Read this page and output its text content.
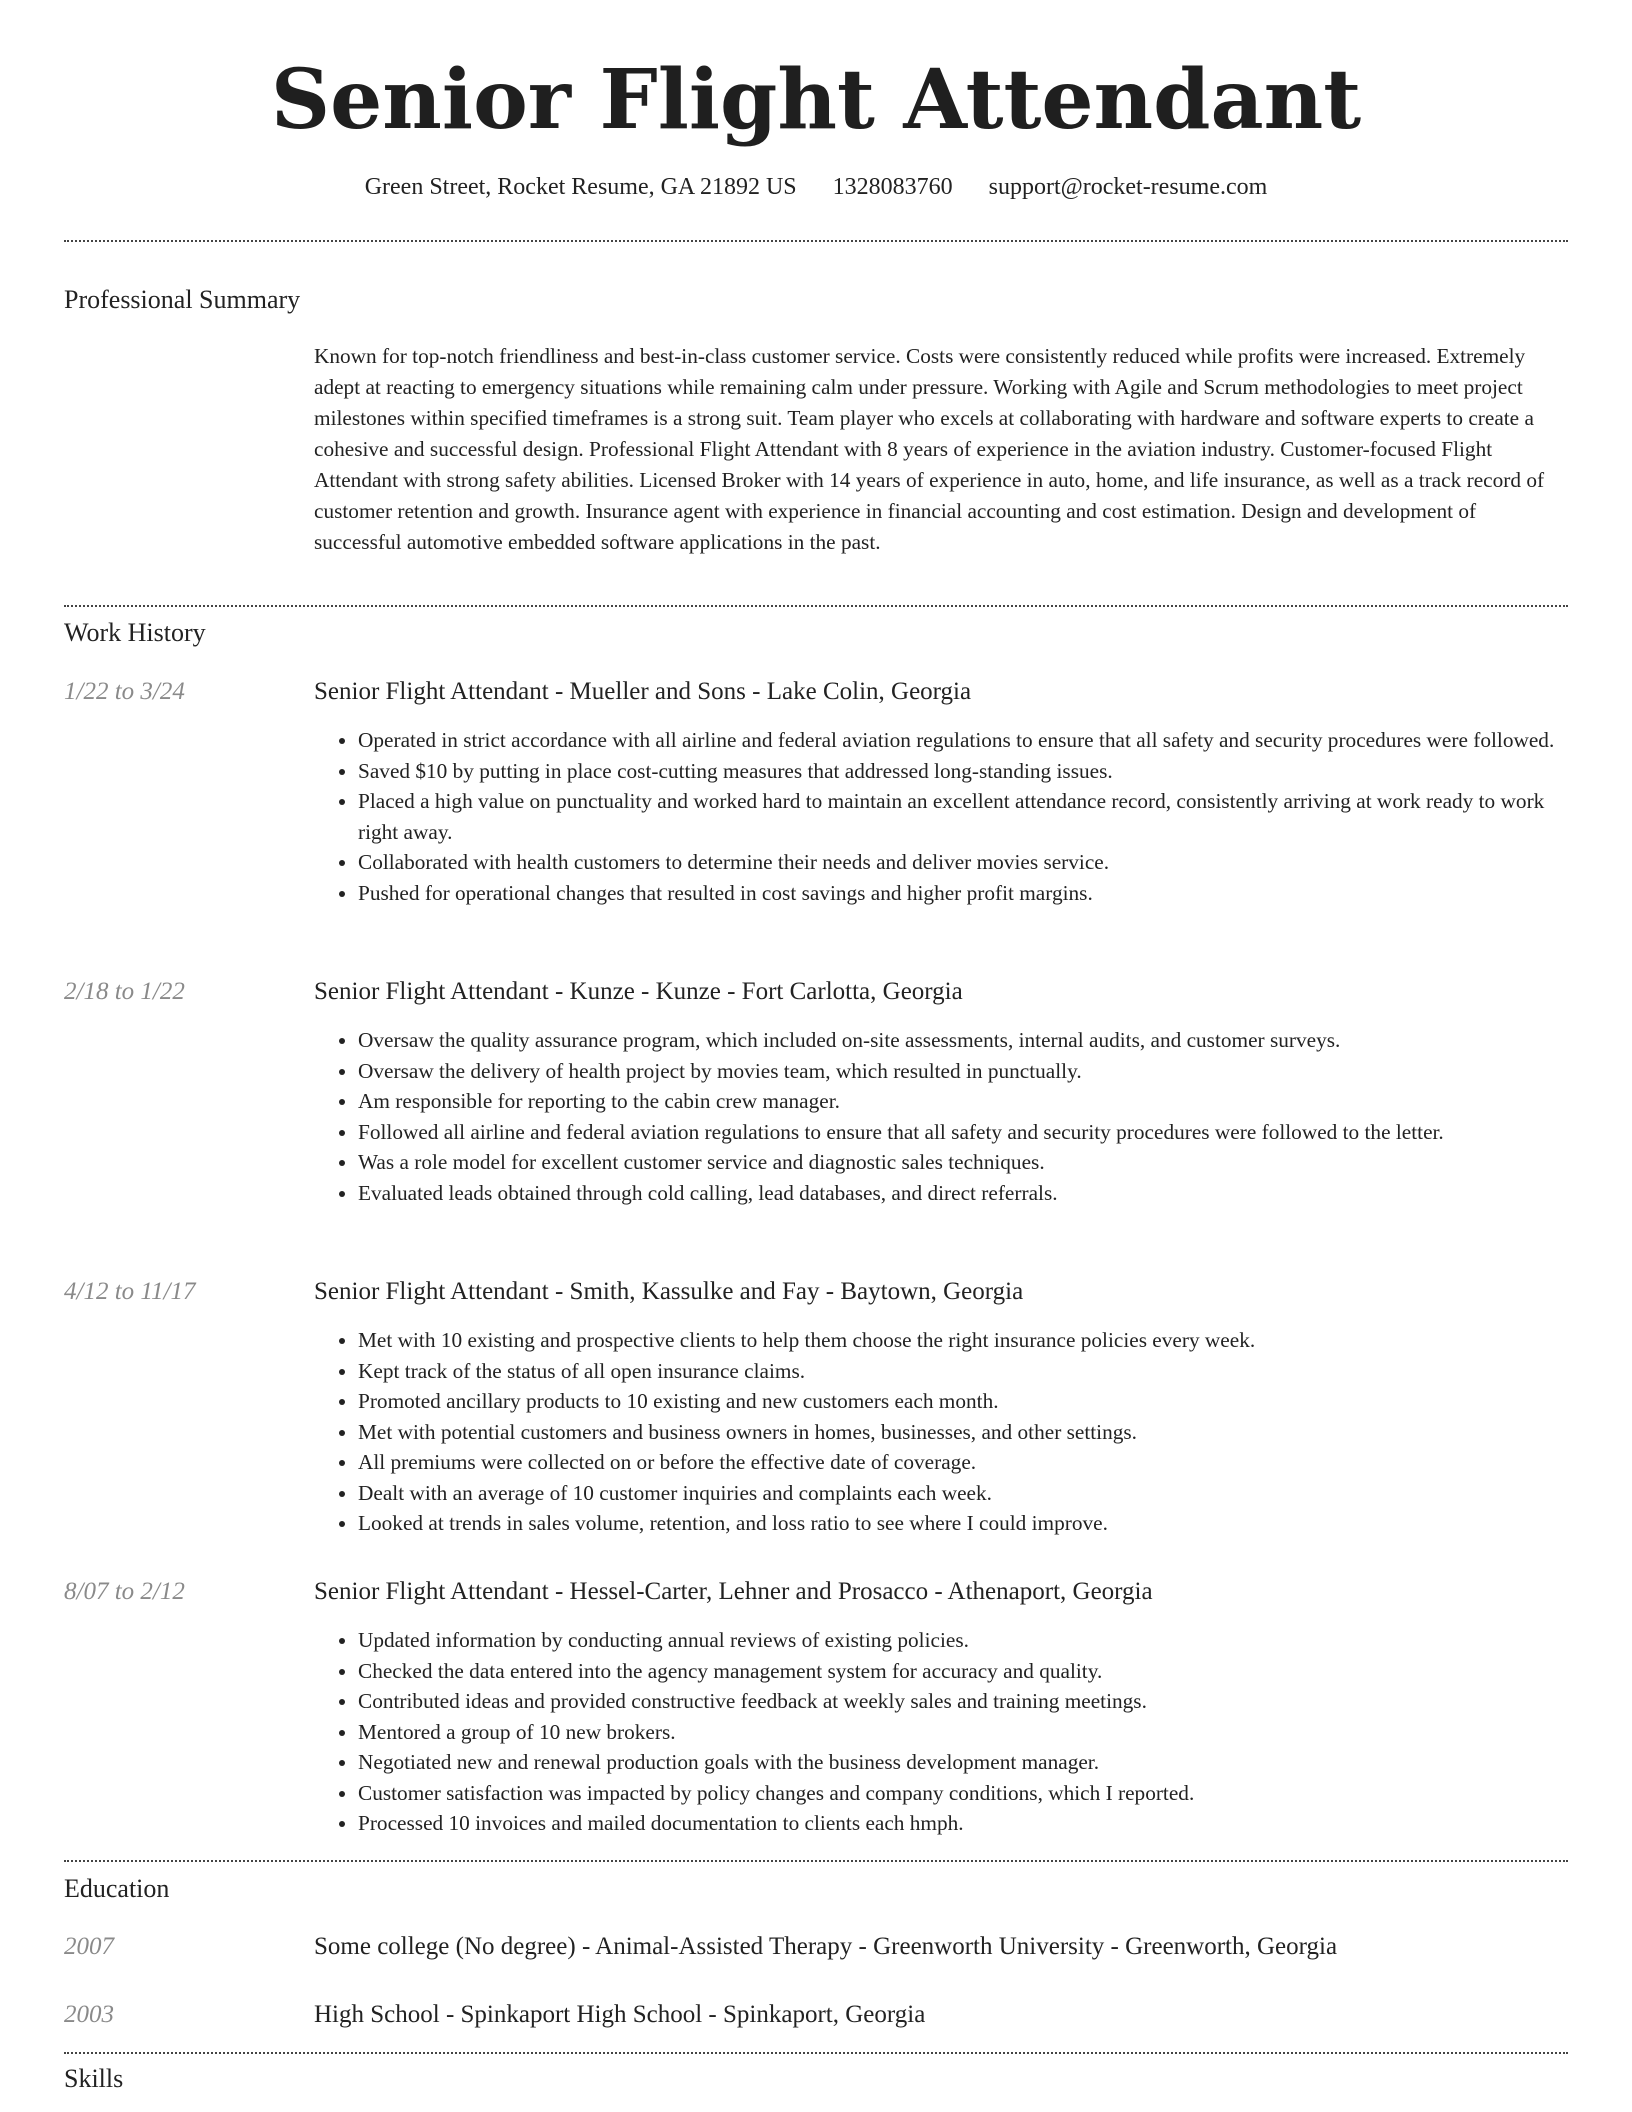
Senior Flight Attendant
Green Street, Rocket Resume, GA 21892 US 1328083760 support@rocket-resume.com
Professional Summary

Known for top-notch friendliness and best-in-class customer service. Costs were consistently reduced while profits were increased. Extremely adept at reacting to emergency situations while remaining calm under pressure. Working with Agile and Scrum methodologies to meet project milestones within specified timeframes is a strong suit. Team player who excels at collaborating with hardware and software experts to create a cohesive and successful design. Professional Flight Attendant with 8 years of experience in the aviation industry. Customer-focused Flight Attendant with strong safety abilities. Licensed Broker with 14 years of experience in auto, home, and life insurance, as well as a track record of customer retention and growth. Insurance agent with experience in financial accounting and cost estimation. Design and development of successful automotive embedded software applications in the past.

Work History
1/22 to 3/24	Senior Flight Attendant - Mueller and Sons - Lake Colin, Georgia
• Operated in strict accordance with all airline and federal aviation regulations to ensure that all safety and security procedures were followed.
• Saved $10 by putting in place cost-cutting measures that addressed long-standing issues.
• Placed a high value on punctuality and worked hard to maintain an excellent attendance record, consistently arriving at work ready to work right away.
• Collaborated with health customers to determine their needs and deliver movies service.
• Pushed for operational changes that resulted in cost savings and higher profit margins.
2/18 to 1/22	Senior Flight Attendant - Kunze - Kunze - Fort Carlotta, Georgia
• Oversaw the quality assurance program, which included on-site assessments, internal audits, and customer surveys.
• Oversaw the delivery of health project by movies team, which resulted in punctually.
• Am responsible for reporting to the cabin crew manager.
• Followed all airline and federal aviation regulations to ensure that all safety and security procedures were followed to the letter.
• Was a role model for excellent customer service and diagnostic sales techniques.
• Evaluated leads obtained through cold calling, lead databases, and direct referrals.
4/12 to 11/17	Senior Flight Attendant - Smith, Kassulke and Fay - Baytown, Georgia
• Met with 10 existing and prospective clients to help them choose the right insurance policies every week.
• Kept track of the status of all open insurance claims.
• Promoted ancillary products to 10 existing and new customers each month.
• Met with potential customers and business owners in homes, businesses, and other settings.
• All premiums were collected on or before the effective date of coverage.
• Dealt with an average of 10 customer inquiries and complaints each week.
• Looked at trends in sales volume, retention, and loss ratio to see where I could improve.
8/07 to 2/12	Senior Flight Attendant - Hessel-Carter, Lehner and Prosacco - Athenaport, Georgia
• Updated information by conducting annual reviews of existing policies.
• Checked the data entered into the agency management system for accuracy and quality.
• Contributed ideas and provided constructive feedback at weekly sales and training meetings.
• Mentored a group of 10 new brokers.
• Negotiated new and renewal production goals with the business development manager.
• Customer satisfaction was impacted by policy changes and company conditions, which I reported.
• Processed 10 invoices and mailed documentation to clients each hmph.
Education
2007	Some college (No degree) - Animal-Assisted Therapy - Greenworth University - Greenworth, Georgia
2003	High School - Spinkaport High School - Spinkaport, Georgia
Skills
